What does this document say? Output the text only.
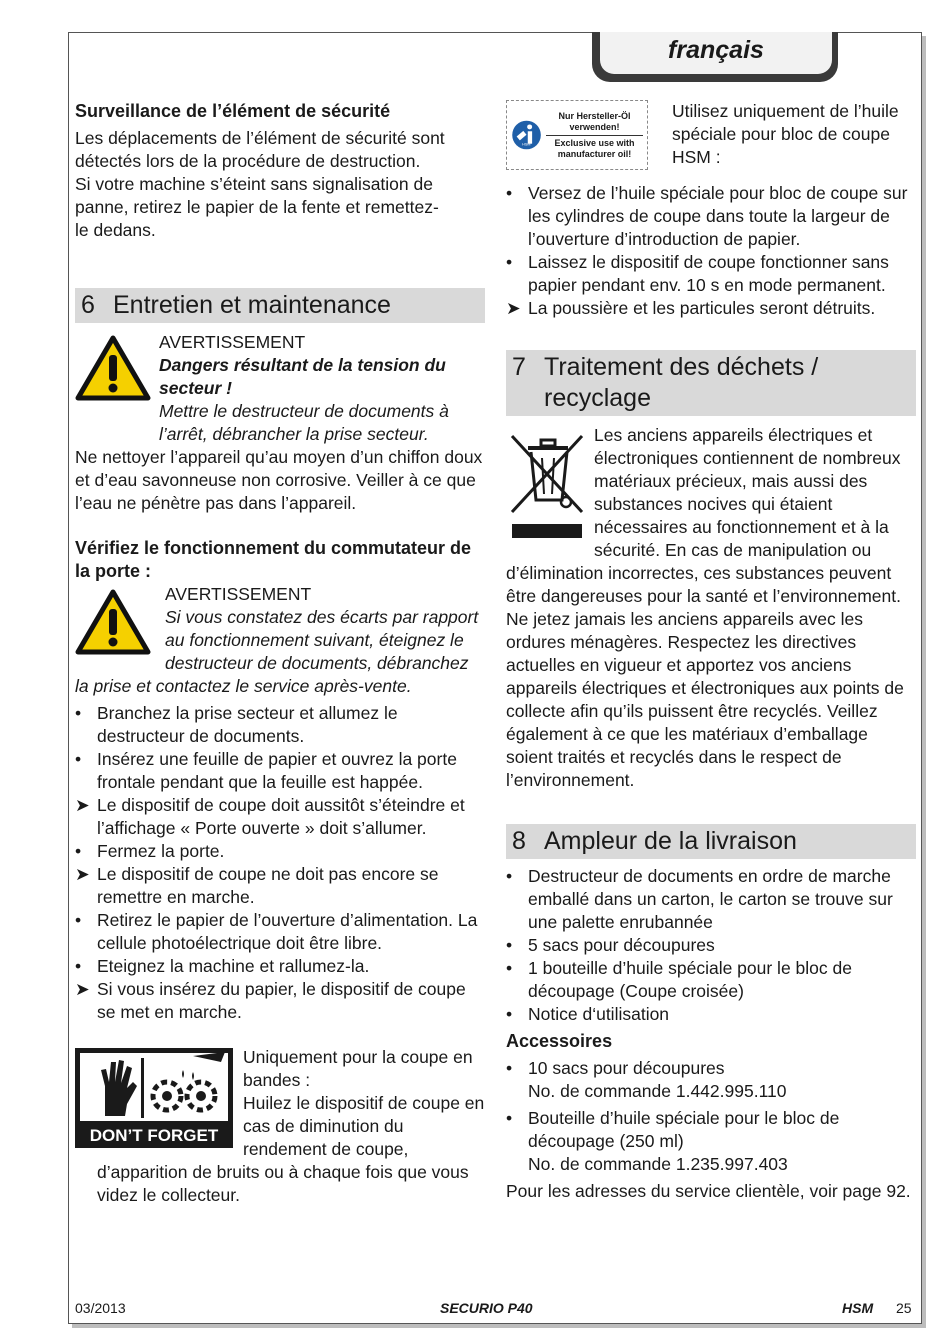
français

Surveillance de l’élément de sécurité

Les déplacements de l’élément de sécurité sont

détectés lors de la procédure de destruction.

Si votre machine s’éteint sans signalisation de

panne, retirez le papier de la fente et remettez-

le dedans.

6 Entretien et maintenance

AVERTISSEMENT

Dangers résultant de la tension du secteur !

Mettre le destructeur de documents à l’arrêt, débrancher la prise secteur.

Ne nettoyer l’appareil qu’au moyen d’un chiffon doux et d’eau savonneuse non corrosive. Veiller à ce que l’eau ne pénètre pas dans l’appareil.

Vérifiez le fonctionnement du commutateur de la porte :

AVERTISSEMENT

Si vous constatez des écarts par rapport au fonctionnement suivant, éteignez le destructeur de documents, débranchez la prise et contactez le service après-vente.

• Branchez la prise secteur et allumez le destructeur de documents.
• Insérez une feuille de papier et ouvrez la porte frontale pendant que la feuille est happée.
➤ Le dispositif de coupe doit aussitôt s’éteindre et l’affichage « Porte ouverte » doit s’allumer.
• Fermez la porte.
➤ Le dispositif de coupe ne doit pas encore se remettre en marche.
• Retirez le papier de l’ouverture d’alimentation. La cellule photoélectrique doit être libre.
• Eteignez la machine et rallumez-la.
➤ Si vous insérez du papier, le dispositif de coupe se met en marche.
DON’T FORGET

Uniquement pour la coupe en bandes :

Huilez le dispositif de coupe en cas de diminution du rendement de coupe, d’apparition de bruits ou à chaque fois que vous videz le collecteur.

HSM
Nur Hersteller-Öl verwenden!
Exclusive use with manufacturer oil!

Utilisez uniquement de l’huile spéciale pour bloc de coupe HSM :

• Versez de l’huile spéciale pour bloc de coupe sur les cylindres de coupe dans toute la largeur de l’ouverture d’introduction de papier.
• Laissez le dispositif de coupe fonctionner sans papier pendant env. 10 s en mode permanent.
➤ La poussière et les particules seront détruits.
7 Traitement des déchets / recyclage

Les anciens appareils électriques et électroniques contiennent de nombreux matériaux précieux, mais aussi des substances nocives qui étaient nécessaires au fonctionnement et à la sécurité. En cas de manipulation ou d’élimination incorrectes, ces substances peuvent être dangereuses pour la santé et l’environnement. Ne jetez jamais les anciens appareils avec les ordures ménagères. Respectez les directives actuelles en vigueur et apportez vos anciens appareils électriques et électroniques aux points de collecte afin qu’ils puissent être recyclés. Veillez également à ce que les matériaux d’emballage soient traités et recyclés dans le respect de l’environnement.

8 Ampleur de la livraison
• Destructeur de documents en ordre de marche emballé dans un carton, le carton se trouve sur une palette enrubannée
• 5 sacs pour découpures
• 1 bouteille d’huile spéciale pour le bloc de découpage (Coupe croisée)
• Notice d‘utilisation

Accessoires

• 10 sacs pour découpures
No. de commande 1.442.995.110
• Bouteille d’huile spéciale pour le bloc de découpage (250 ml)
No. de commande 1.235.997.403

Pour les adresses du service clientèle, voir page 92.

03/2013	SECURIO P40	HSM 25
